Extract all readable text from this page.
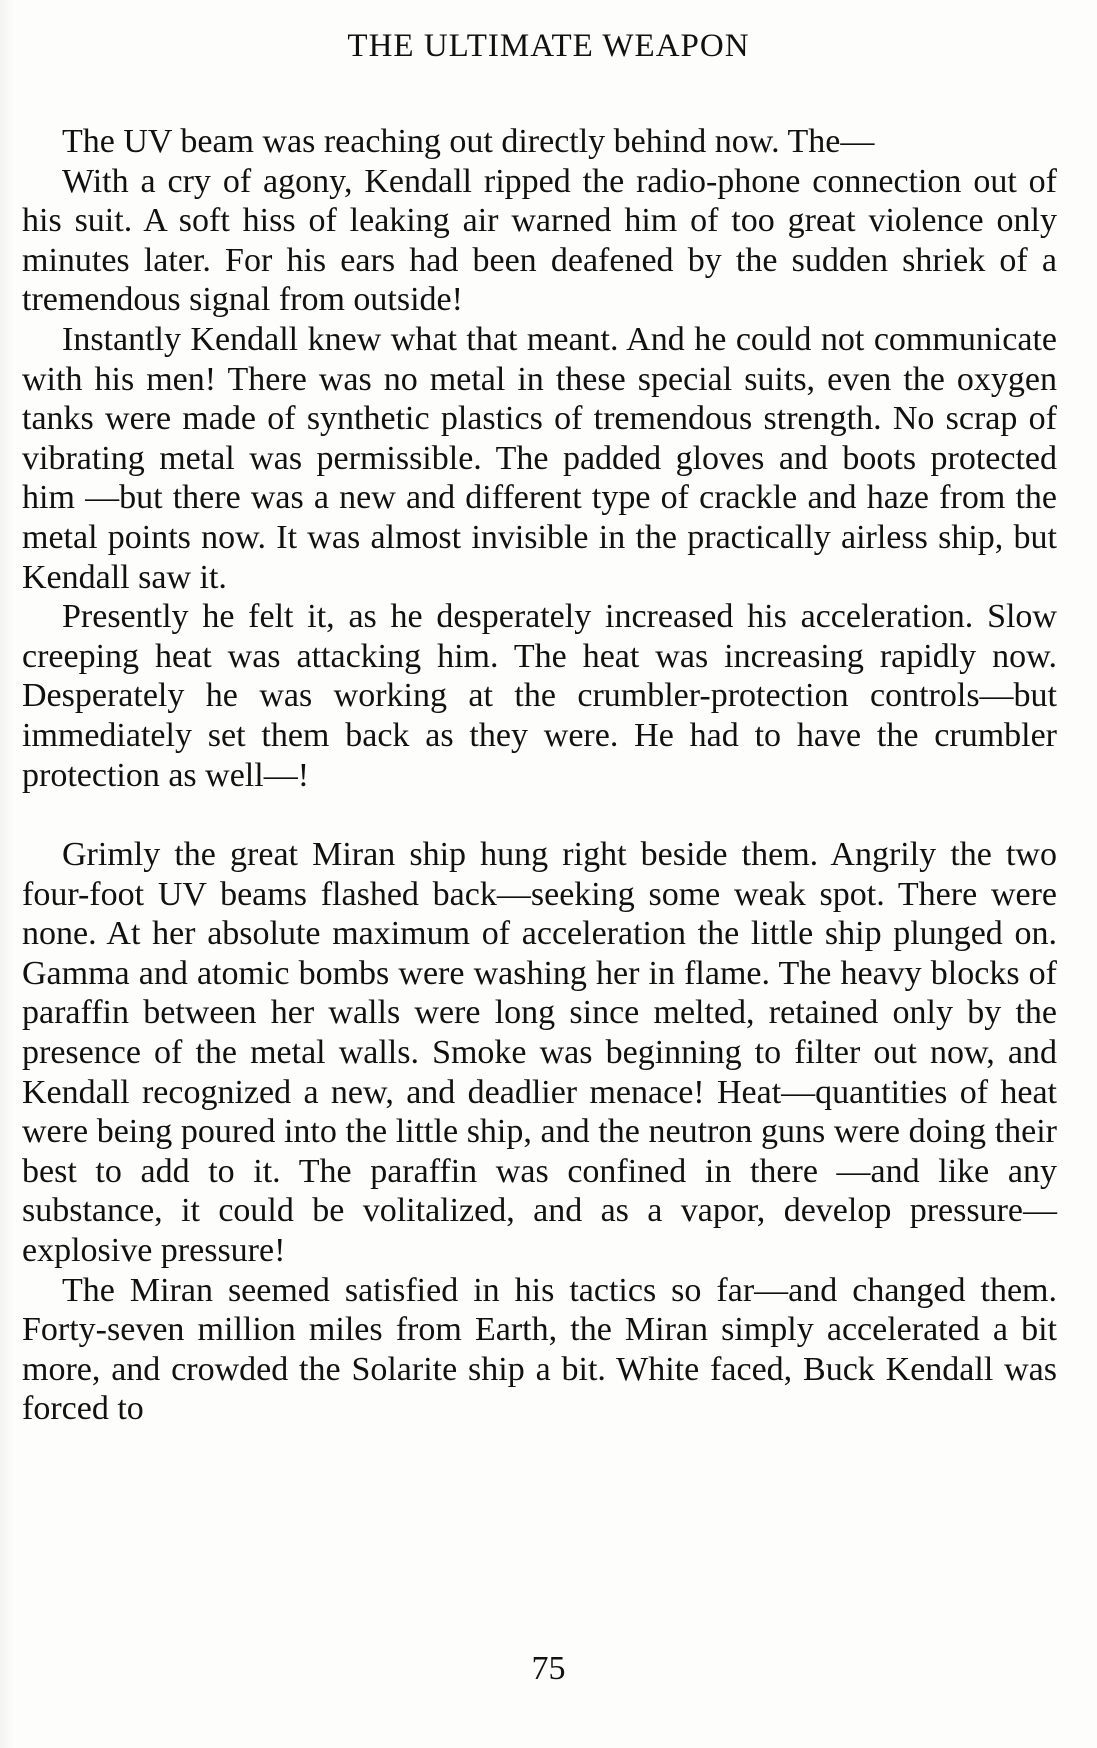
THE ULTIMATE WEAPON

The UV beam was reaching out directly behind now. The—

With a cry of agony, Kendall ripped the radio-phone connection out of his suit. A soft hiss of leaking air warned him of too great violence only minutes later. For his ears had been deafened by the sudden shriek of a tremendous signal from outside!

Instantly Kendall knew what that meant. And he could not communicate with his men! There was no metal in these special suits, even the oxygen tanks were made of synthetic plastics of tremendous strength. No scrap of vibrating metal was permissible. The padded gloves and boots protected him —but there was a new and different type of crackle and haze from the metal points now. It was almost invisible in the practically airless ship, but Kendall saw it.

Presently he felt it, as he desperately increased his acceleration. Slow creeping heat was attacking him. The heat was increasing rapidly now. Desperately he was working at the crumbler-protection controls—but immediately set them back as they were. He had to have the crumbler protection as well—!

Grimly the great Miran ship hung right beside them. Angrily the two four-foot UV beams flashed back—seeking some weak spot. There were none. At her absolute maximum of acceleration the little ship plunged on. Gamma and atomic bombs were washing her in flame. The heavy blocks of paraffin between her walls were long since melted, retained only by the presence of the metal walls. Smoke was beginning to filter out now, and Kendall recognized a new, and deadlier menace! Heat—quantities of heat were being poured into the little ship, and the neutron guns were doing their best to add to it. The paraffin was confined in there —and like any substance, it could be volitalized, and as a vapor, develop pressure—explosive pressure!

The Miran seemed satisfied in his tactics so far—and changed them. Forty-seven million miles from Earth, the Miran simply accelerated a bit more, and crowded the Solarite ship a bit. White faced, Buck Kendall was forced to

75
